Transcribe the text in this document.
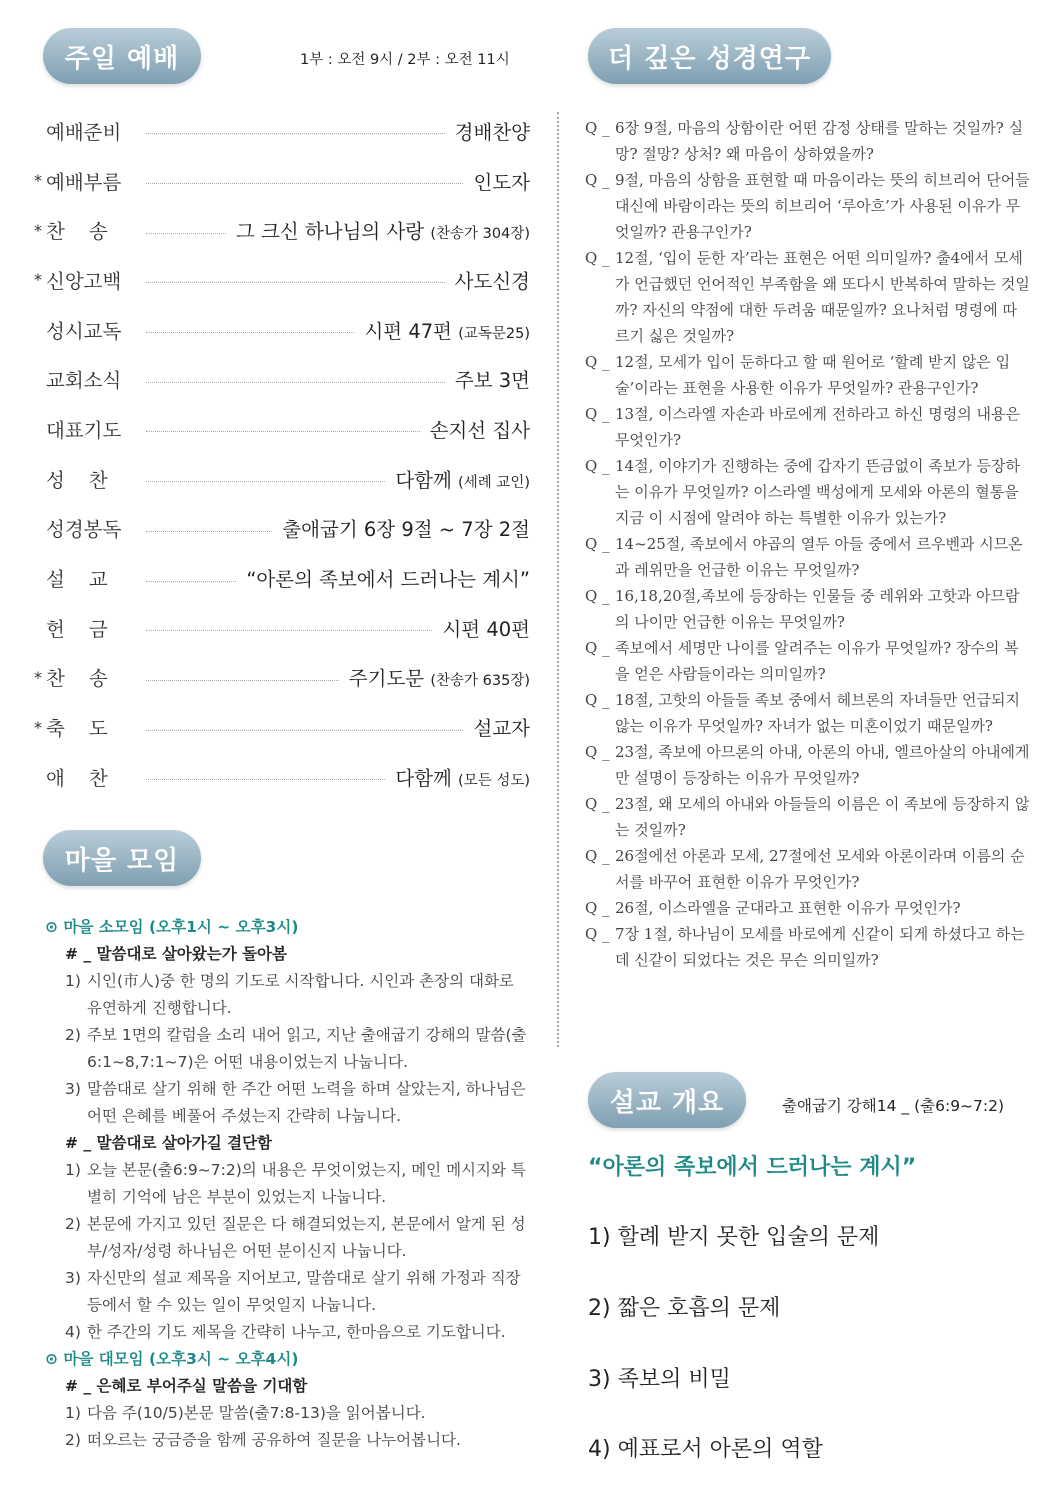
주일 예배	1부 : 오전 9시 / 2부 : 오전 11시	더 깊은 성경연구
예배준비	경배찬양
* 예배부름	인도자
* 찬송	그 크신 하나님의 사랑 (찬송가 304장)
* 신앙고백	사도신경
성시교독	시편 47편 (교독문25)
교회소식	주보 3면
대표기도	손지선 집사
성찬	다함께 (세례 교인)
성경봉독	출애굽기 6장 9절 ~ 7장 2절
설교	“아론의 족보에서 드러나는 계시”
헌금	시편 40편
* 찬송	주기도문 (찬송가 635장)
* 축도	설교자
애찬	다함께 (모든 성도)
Q _ 6장 9절, 마음의 상함이란 어떤 감정 상태를 말하는 것일까? 실망? 절망? 상처? 왜 마음이 상하였을까?
Q _ 9절, 마음의 상함을 표현할 때 마음이라는 뜻의 히브리어 단어들 대신에 바람이라는 뜻의 히브리어 ‘루아흐’가 사용된 이유가 무엇일까? 관용구인가?
Q _ 12절, ‘입이 둔한 자’라는 표현은 어떤 의미일까? 출4에서 모세가 언급했던 언어적인 부족함을 왜 또다시 반복하여 말하는 것일까? 자신의 약점에 대한 두려움 때문일까? 요나처럼 명령에 따르기 싫은 것일까?
Q _ 12절, 모세가 입이 둔하다고 할 때 원어로 ‘할례 받지 않은 입술’이라는 표현을 사용한 이유가 무엇일까? 관용구인가?
Q _ 13절, 이스라엘 자손과 바로에게 전하라고 하신 명령의 내용은 무엇인가?
Q _ 14절, 이야기가 진행하는 중에 갑자기 뜬금없이 족보가 등장하는 이유가 무엇일까? 이스라엘 백성에게 모세와 아론의 혈통을 지금 이 시점에 알려야 하는 특별한 이유가 있는가?
Q _ 14~25절, 족보에서 야곱의 열두 아들 중에서 르우벤과 시므온과 레위만을 언급한 이유는 무엇일까?
Q _ 16,18,20절,족보에 등장하는 인물들 중 레위와 고핫과 아므람의 나이만 언급한 이유는 무엇일까?
Q _ 족보에서 세명만 나이를 알려주는 이유가 무엇일까? 장수의 복을 얻은 사람들이라는 의미일까?
Q _ 18절, 고핫의 아들들 족보 중에서 헤브론의 자녀들만 언급되지 않는 이유가 무엇일까? 자녀가 없는 미혼이었기 때문일까?
Q _ 23절, 족보에 아므론의 아내, 아론의 아내, 엘르아살의 아내에게만 설명이 등장하는 이유가 무엇일까?
Q _ 23절, 왜 모세의 아내와 아들들의 이름은 이 족보에 등장하지 않는 것일까?
Q _ 26절에선 아론과 모세, 27절에선 모세와 아론이라며 이름의 순서를 바꾸어 표현한 이유가 무엇인가?
Q _ 26절, 이스라엘을 군대라고 표현한 이유가 무엇인가?
Q _ 7장 1절, 하나님이 모세를 바로에게 신같이 되게 하셨다고 하는데 신같이 되었다는 것은 무슨 의미일까?
마을 모임
⊙ 마을 소모임 (오후1시 ~ 오후3시)
# _ 말씀대로 살아왔는가 돌아봄
1) 시인(市人)중 한 명의 기도로 시작합니다. 시인과 촌장의 대화로 유연하게 진행합니다.
2) 주보 1면의 칼럼을 소리 내어 읽고, 지난 출애굽기 강해의 말씀(출6:1~8,7:1~7)은 어떤 내용이었는지 나눕니다.
3) 말씀대로 살기 위해 한 주간 어떤 노력을 하며 살았는지, 하나님은 어떤 은혜를 베풀어 주셨는지 간략히 나눕니다.
# _ 말씀대로 살아가길 결단함
1) 오늘 본문(출6:9~7:2)의 내용은 무엇이었는지, 메인 메시지와 특별히 기억에 남은 부분이 있었는지 나눕니다.
2) 본문에 가지고 있던 질문은 다 해결되었는지, 본문에서 알게 된 성부/성자/성령 하나님은 어떤 분이신지 나눕니다.
3) 자신만의 설교 제목을 지어보고, 말씀대로 살기 위해 가정과 직장 등에서 할 수 있는 일이 무엇일지 나눕니다.
4) 한 주간의 기도 제목을 간략히 나누고, 한마음으로 기도합니다.
⊙ 마을 대모임 (오후3시 ~ 오후4시)
# _ 은혜로 부어주실 말씀을 기대함
1) 다음 주(10/5)본문 말씀(출7:8-13)을 읽어봅니다.
2) 떠오르는 궁금증을 함께 공유하여 질문을 나누어봅니다.
설교 개요	출애굽기 강해14 _ (출6:9~7:2)
“아론의 족보에서 드러나는 계시”
1) 할례 받지 못한 입술의 문제
2) 짧은 호흡의 문제
3) 족보의 비밀
4) 예표로서 아론의 역할
